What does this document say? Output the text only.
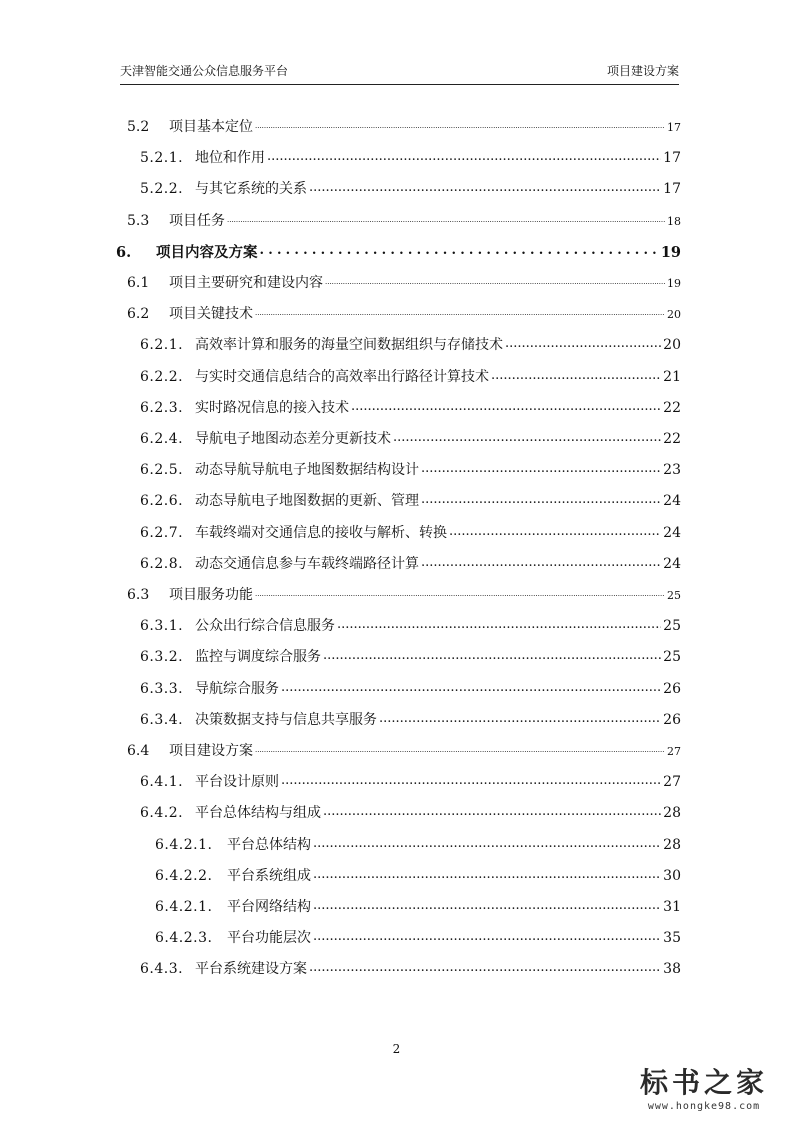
天津智能交通公众信息服务平台	项目建设方案
5.2	项目基本定位 .....	17
5.2.1. 地位和作用 .....	17
5.2.2. 与其它系统的关系 .....	17
5.3	项目任务 .....	18
6.	项目内容及方案 .....	19
6.1	项目主要研究和建设内容 .....	19
6.2	项目关键技术 .....	20
6.2.1. 高效率计算和服务的海量空间数据组织与存储技术 .....	20
6.2.2. 与实时交通信息结合的高效率出行路径计算技术 .....	21
6.2.3. 实时路况信息的接入技术 .....	22
6.2.4. 导航电子地图动态差分更新技术 .....	22
6.2.5. 动态导航导航电子地图数据结构设计 .....	23
6.2.6. 动态导航电子地图数据的更新、管理 .....	24
6.2.7. 车载终端对交通信息的接收与解析、转换 .....	24
6.2.8. 动态交通信息参与车载终端路径计算 .....	24
6.3	项目服务功能 .....	25
6.3.1. 公众出行综合信息服务 .....	25
6.3.2. 监控与调度综合服务 .....	25
6.3.3. 导航综合服务 .....	26
6.3.4. 决策数据支持与信息共享服务 .....	26
6.4	项目建设方案 .....	27
6.4.1. 平台设计原则 .....	27
6.4.2. 平台总体结构与组成 .....	28
6.4.2.1.	平台总体结构 .....	28
6.4.2.2.	平台系统组成 .....	30
6.4.2.1.	平台网络结构 .....	31
6.4.2.3.	平台功能层次 .....	35
6.4.3. 平台系统建设方案 .....	38
2
标书之家
www.hongke98.com
